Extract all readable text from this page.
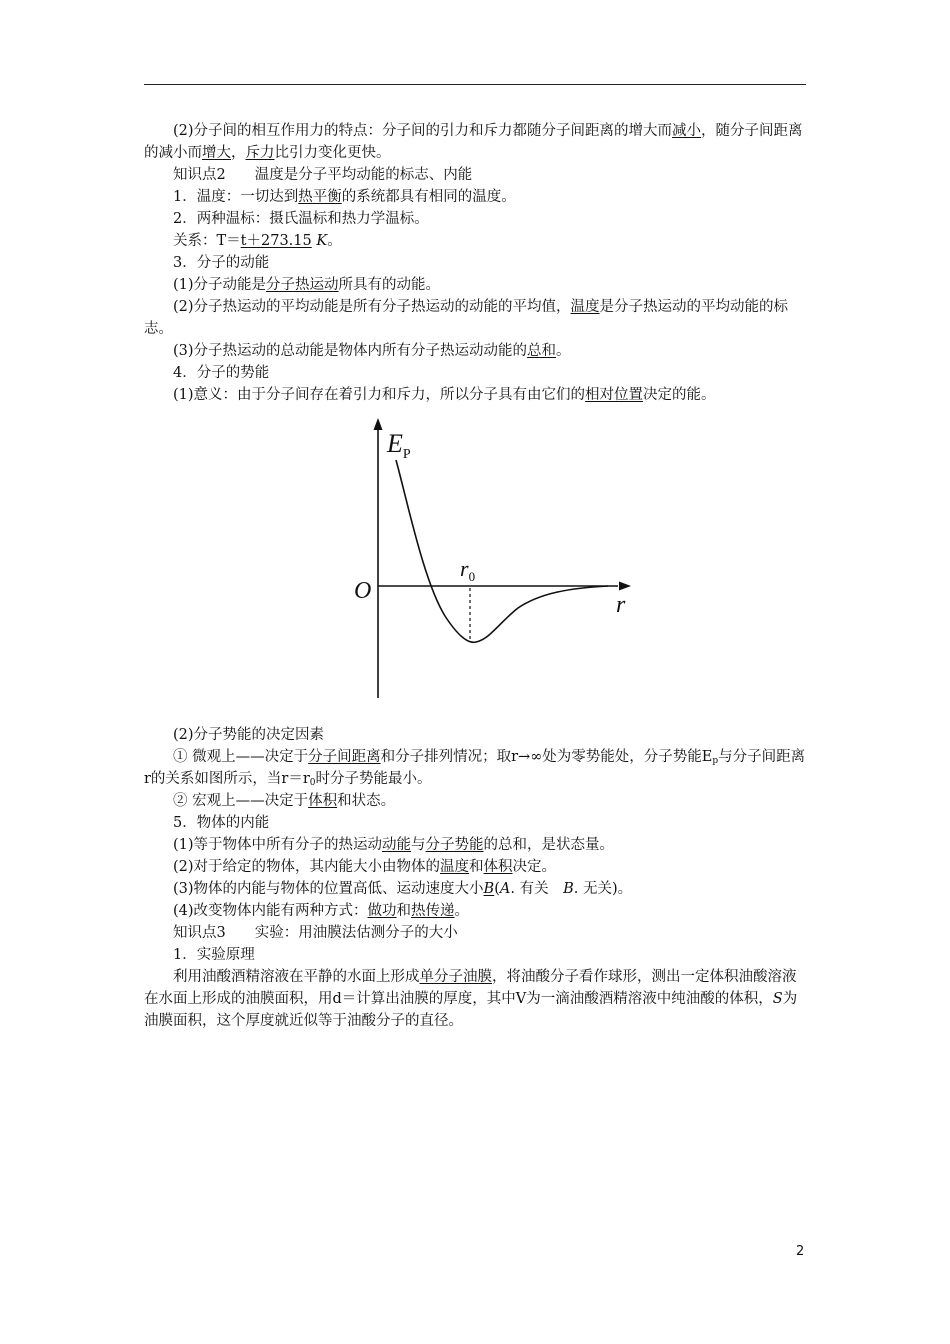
(2)分子间的相互作用力的特点：分子间的引力和斥力都随分子间距离的增大而减小，随分子间距离的减小而增大，斥力比引力变化更快。

知识点2　　温度是分子平均动能的标志、内能

1．温度：一切达到热平衡的系统都具有相同的温度。

2．两种温标：摄氏温标和热力学温标。

关系：T＝t＋273.15 K。

3．分子的动能

(1)分子动能是分子热运动所具有的动能。

(2)分子热运动的平均动能是所有分子热运动的动能的平均值，温度是分子热运动的平均动能的标志。

(3)分子热运动的总动能是物体内所有分子热运动动能的总和。

4．分子的势能

(1)意义：由于分子间存在着引力和斥力，所以分子具有由它们的相对位置决定的能。

$E_P$
O
$r_0$
r

(2)分子势能的决定因素

① 微观上——决定于分子间距离和分子排列情况；取r→∞处为零势能处，分子势能$E_p$与分子间距离r的关系如图所示，当$r=r_0$时分子势能最小。

② 宏观上——决定于体积和状态。

5．物体的内能

(1)等于物体中所有分子的热运动动能与分子势能的总和，是状态量。

(2)对于给定的物体，其内能大小由物体的温度和体积决定。

(3)物体的内能与物体的位置高低、运动速度大小B(A. 有关　B. 无关)。

(4)改变物体内能有两种方式：做功和热传递。

知识点3　　实验：用油膜法估测分子的大小

1．实验原理

利用油酸酒精溶液在平静的水面上形成单分子油膜，将油酸分子看作球形，测出一定体积油酸溶液在水面上形成的油膜面积，用d＝计算出油膜的厚度，其中V为一滴油酸酒精溶液中纯油酸的体积，S为油膜面积，这个厚度就近似等于油酸分子的直径。

2
